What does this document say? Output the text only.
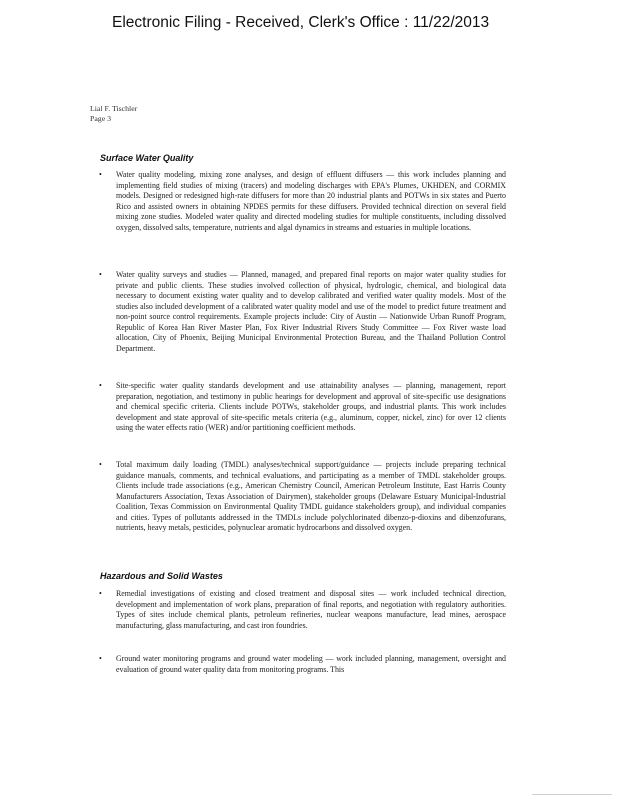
Electronic Filing - Received, Clerk's Office : 11/22/2013
Lial F. Tischler
Page 3
Surface Water Quality
• Water quality modeling, mixing zone analyses, and design of effluent diffusers — this work includes planning and implementing field studies of mixing (tracers) and modeling discharges with EPA's Plumes, UKHDEN, and CORMIX models. Designed or redesigned high-rate diffusers for more than 20 industrial plants and POTWs in six states and Puerto Rico and assisted owners in obtaining NPDES permits for these diffusers. Provided technical direction on several field mixing zone studies. Modeled water quality and directed modeling studies for multiple constituents, including dissolved oxygen, dissolved salts, temperature, nutrients and algal dynamics in streams and estuaries in multiple locations.

• Water quality surveys and studies — Planned, managed, and prepared final reports on major water quality studies for private and public clients. These studies involved collection of physical, hydrologic, chemical, and biological data necessary to document existing water quality and to develop calibrated and verified water quality models. Most of the studies also included development of a calibrated water quality model and use of the model to predict future treatment and non-point source control requirements. Example projects include: City of Austin — Nationwide Urban Runoff Program, Republic of Korea Han River Master Plan, Fox River Industrial Rivers Study Committee — Fox River waste load allocation, City of Phoenix, Beijing Municipal Environmental Protection Bureau, and the Thailand Pollution Control Department.

• Site-specific water quality standards development and use attainability analyses — planning, management, report preparation, negotiation, and testimony in public hearings for development and approval of site-specific use designations and chemical specific criteria. Clients include POTWs, stakeholder groups, and industrial plants. This work includes development and state approval of site-specific metals criteria (e.g., aluminum, copper, nickel, zinc) for over 12 clients using the water effects ratio (WER) and/or partitioning coefficient methods.

• Total maximum daily loading (TMDL) analyses/technical support/guidance — projects include preparing technical guidance manuals, comments, and technical evaluations, and participating as a member of TMDL stakeholder groups. Clients include trade associations (e.g., American Chemistry Council, American Petroleum Institute, East Harris County Manufacturers Association, Texas Association of Dairymen), stakeholder groups (Delaware Estuary Municipal-Industrial Coalition, Texas Commission on Environmental Quality TMDL guidance stakeholders group), and individual companies and cities. Types of pollutants addressed in the TMDLs include polychlorinated dibenzo-p-dioxins and dibenzofurans, nutrients, heavy metals, pesticides, polynuclear aromatic hydrocarbons and dissolved oxygen.

Hazardous and Solid Wastes
• Remedial investigations of existing and closed treatment and disposal sites — work included technical direction, development and implementation of work plans, preparation of final reports, and negotiation with regulatory authorities. Types of sites include chemical plants, petroleum refineries, nuclear weapons manufacture, lead mines, aerospace manufacturing, glass manufacturing, and cast iron foundries.

• Ground water monitoring programs and ground water modeling — work included planning, management, oversight and evaluation of ground water quality data from monitoring programs. This
